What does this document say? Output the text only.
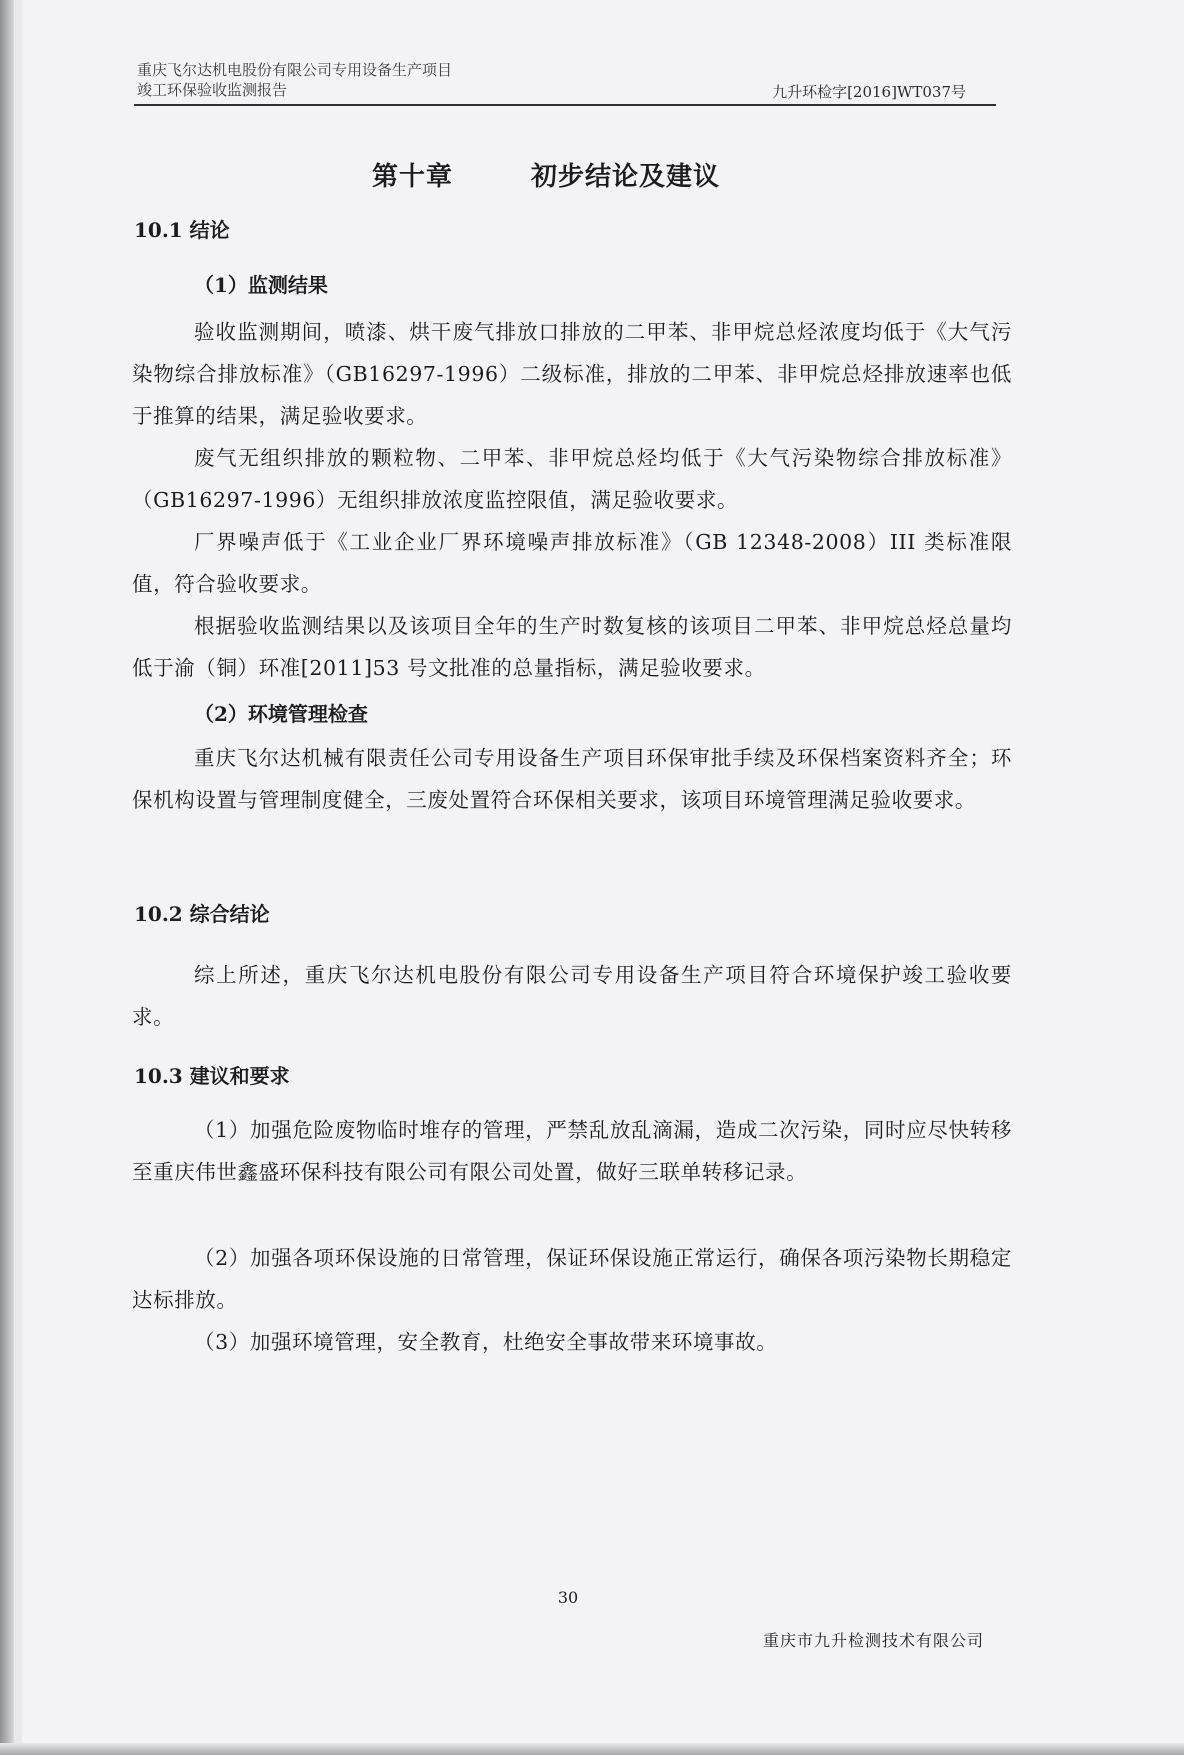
重庆飞尔达机电股份有限公司专用设备生产项目
竣工环保验收监测报告	九升环检字[2016]WT037号
第十章	初步结论及建议
10.1 结论
（1）监测结果
验收监测期间，喷漆、烘干废气排放口排放的二甲苯、非甲烷总烃浓度均低于《大气污染物综合排放标准》（GB16297-1996）二级标准，排放的二甲苯、非甲烷总烃排放速率也低于推算的结果，满足验收要求。
废气无组织排放的颗粒物、二甲苯、非甲烷总烃均低于《大气污染物综合排放标准》（GB16297-1996）无组织排放浓度监控限值，满足验收要求。
厂界噪声低于《工业企业厂界环境噪声排放标准》（GB 12348-2008）III 类标准限值，符合验收要求。
根据验收监测结果以及该项目全年的生产时数复核的该项目二甲苯、非甲烷总烃总量均低于渝（铜）环准[2011]53 号文批准的总量指标，满足验收要求。
（2）环境管理检查
重庆飞尔达机械有限责任公司专用设备生产项目环保审批手续及环保档案资料齐全；环保机构设置与管理制度健全，三废处置符合环保相关要求，该项目环境管理满足验收要求。
10.2 综合结论
综上所述，重庆飞尔达机电股份有限公司专用设备生产项目符合环境保护竣工验收要求。
10.3 建议和要求
（1）加强危险废物临时堆存的管理，严禁乱放乱滴漏，造成二次污染，同时应尽快转移至重庆伟世鑫盛环保科技有限公司有限公司处置，做好三联单转移记录。
（2）加强各项环保设施的日常管理，保证环保设施正常运行，确保各项污染物长期稳定达标排放。
（3）加强环境管理，安全教育，杜绝安全事故带来环境事故。
30
重庆市九升检测技术有限公司
